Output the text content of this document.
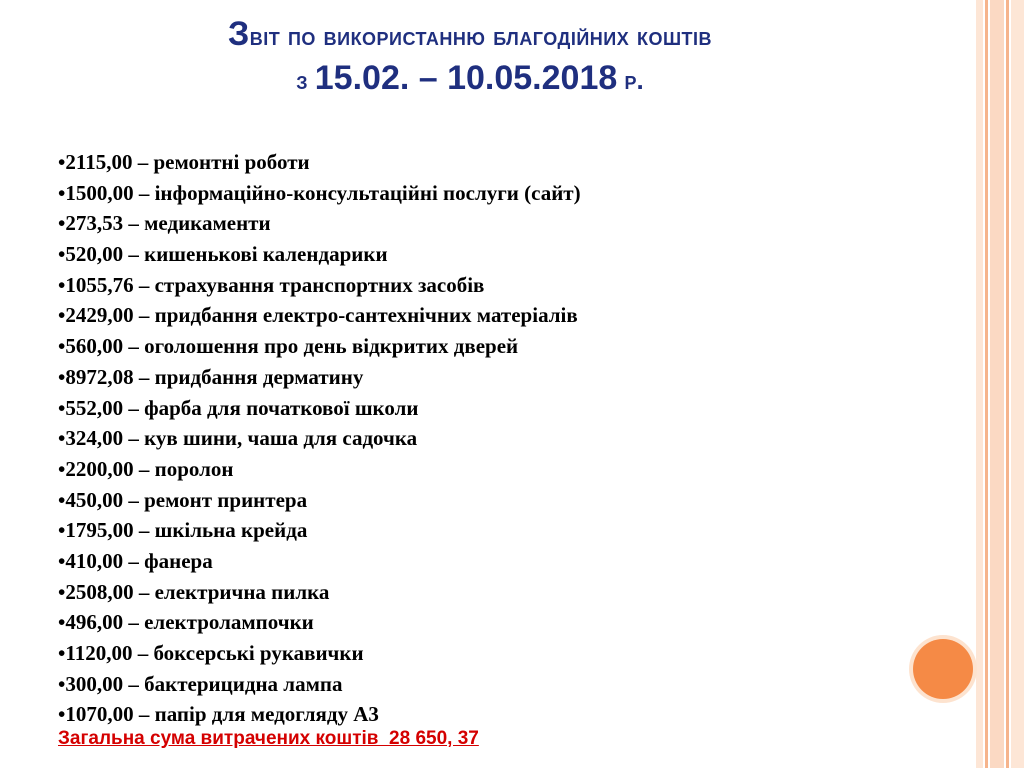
Звіт по використанню благодійних коштів
з 15.02. – 10.05.2018 р.
•2115,00 – ремонтні роботи
•1500,00 – інформаційно-консультаційні послуги (сайт)
•273,53 – медикаменти
•520,00 – кишенькові календарики
•1055,76 – страхування транспортних засобів
•2429,00 – придбання електро-сантехнічних матеріалів
•560,00 – оголошення про день відкритих дверей
•8972,08 – придбання дерматину
•552,00 – фарба для початкової школи
•324,00 – кув шини, чаша для садочка
•2200,00 – поролон
•450,00 – ремонт принтера
•1795,00 – шкільна крейда
•410,00 – фанера
•2508,00 – електрична пилка
•496,00 – електролампочки
•1120,00 – боксерські рукавички
•300,00 – бактерицидна лампа
•1070,00 – папір для медогляду А3
Загальна сума витрачених коштів  28 650, 37
